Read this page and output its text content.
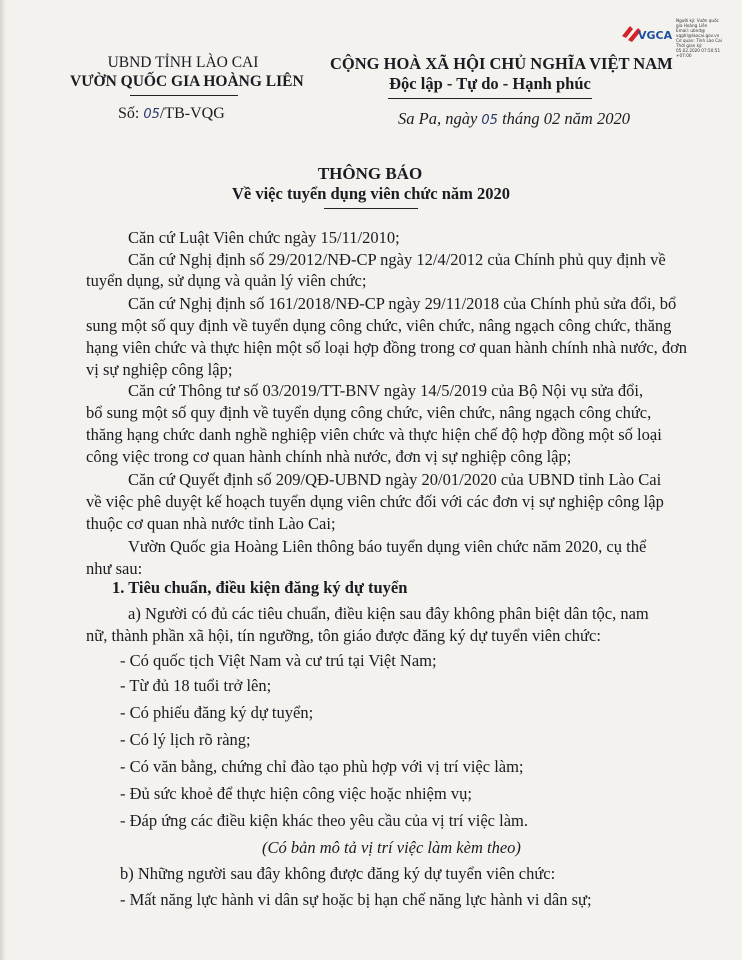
VGCA
Người ký: Vườn quốc
gia Hoàng Liên
Email: ubnd@
vqghl@laocai.gov.vn
Cơ quan: Tỉnh Lào Cai
Thời gian ký:
05.02.2020 07:50:51
+07:00
UBND TỈNH LÀO CAI
VƯỜN QUỐC GIA HOÀNG LIÊN
Số: 05/TB-VQG
CỘNG HOÀ XÃ HỘI CHỦ NGHĨA VIỆT NAM
Độc lập - Tự do - Hạnh phúc
Sa Pa, ngày 05 tháng 02 năm 2020
THÔNG BÁO
Về việc tuyển dụng viên chức năm 2020
Căn cứ Luật Viên chức ngày 15/11/2010;
Căn cứ Nghị định số 29/2012/NĐ-CP ngày 12/4/2012 của Chính phủ quy định về
tuyển dụng, sử dụng và quản lý viên chức;
Căn cứ Nghị định số 161/2018/NĐ-CP ngày 29/11/2018 của Chính phủ sửa đổi, bổ
sung một số quy định về tuyển dụng công chức, viên chức, nâng ngạch công chức, thăng
hạng viên chức và thực hiện một số loại hợp đồng trong cơ quan hành chính nhà nước, đơn
vị sự nghiệp công lập;
Căn cứ Thông tư số 03/2019/TT-BNV ngày 14/5/2019 của Bộ Nội vụ sửa đổi,
bổ sung một số quy định về tuyển dụng công chức, viên chức, nâng ngạch công chức,
thăng hạng chức danh nghề nghiệp viên chức và thực hiện chế độ hợp đồng một số loại
công việc trong cơ quan hành chính nhà nước, đơn vị sự nghiệp công lập;
Căn cứ Quyết định số 209/QĐ-UBND ngày 20/01/2020 của UBND tỉnh Lào Cai
về việc phê duyệt kế hoạch tuyển dụng viên chức đối với các đơn vị sự nghiệp công lập
thuộc cơ quan nhà nước tỉnh Lào Cai;
Vườn Quốc gia Hoàng Liên thông báo tuyển dụng viên chức năm 2020, cụ thể
như sau:
1. Tiêu chuẩn, điều kiện đăng ký dự tuyển
a) Người có đủ các tiêu chuẩn, điều kiện sau đây không phân biệt dân tộc, nam
nữ, thành phần xã hội, tín ngưỡng, tôn giáo được đăng ký dự tuyển viên chức:
- Có quốc tịch Việt Nam và cư trú tại Việt Nam;
- Từ đủ 18 tuổi trở lên;
- Có phiếu đăng ký dự tuyển;
- Có lý lịch rõ ràng;
- Có văn bằng, chứng chỉ đào tạo phù hợp với vị trí việc làm;
- Đủ sức khoẻ để thực hiện công việc hoặc nhiệm vụ;
- Đáp ứng các điều kiện khác theo yêu cầu của vị trí việc làm.
(Có bản mô tả vị trí việc làm kèm theo)
b) Những người sau đây không được đăng ký dự tuyển viên chức:
- Mất năng lực hành vi dân sự hoặc bị hạn chế năng lực hành vi dân sự;
